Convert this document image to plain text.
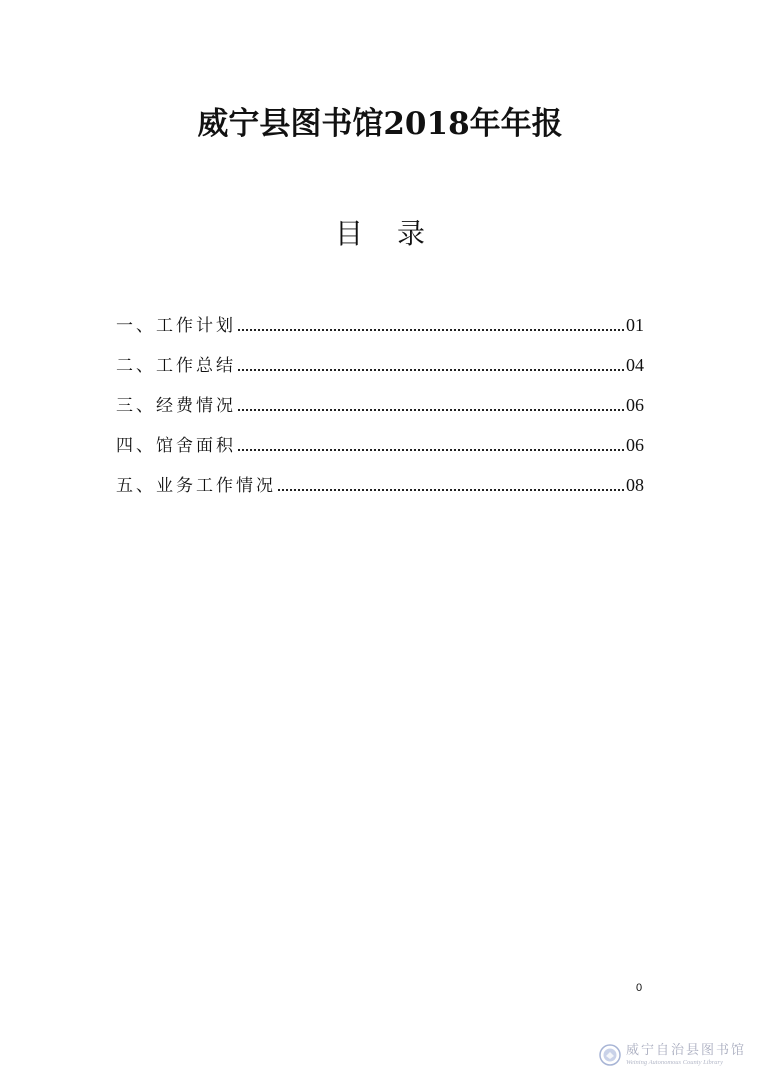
威宁县图书馆2018年年报
目 录
一、工作计划	01
二、工作总结	04
三、经费情况	06
四、馆舍面积	06
五、业务工作情况	08
0
威宁自治县图书馆
Weining Autonomous County Library
